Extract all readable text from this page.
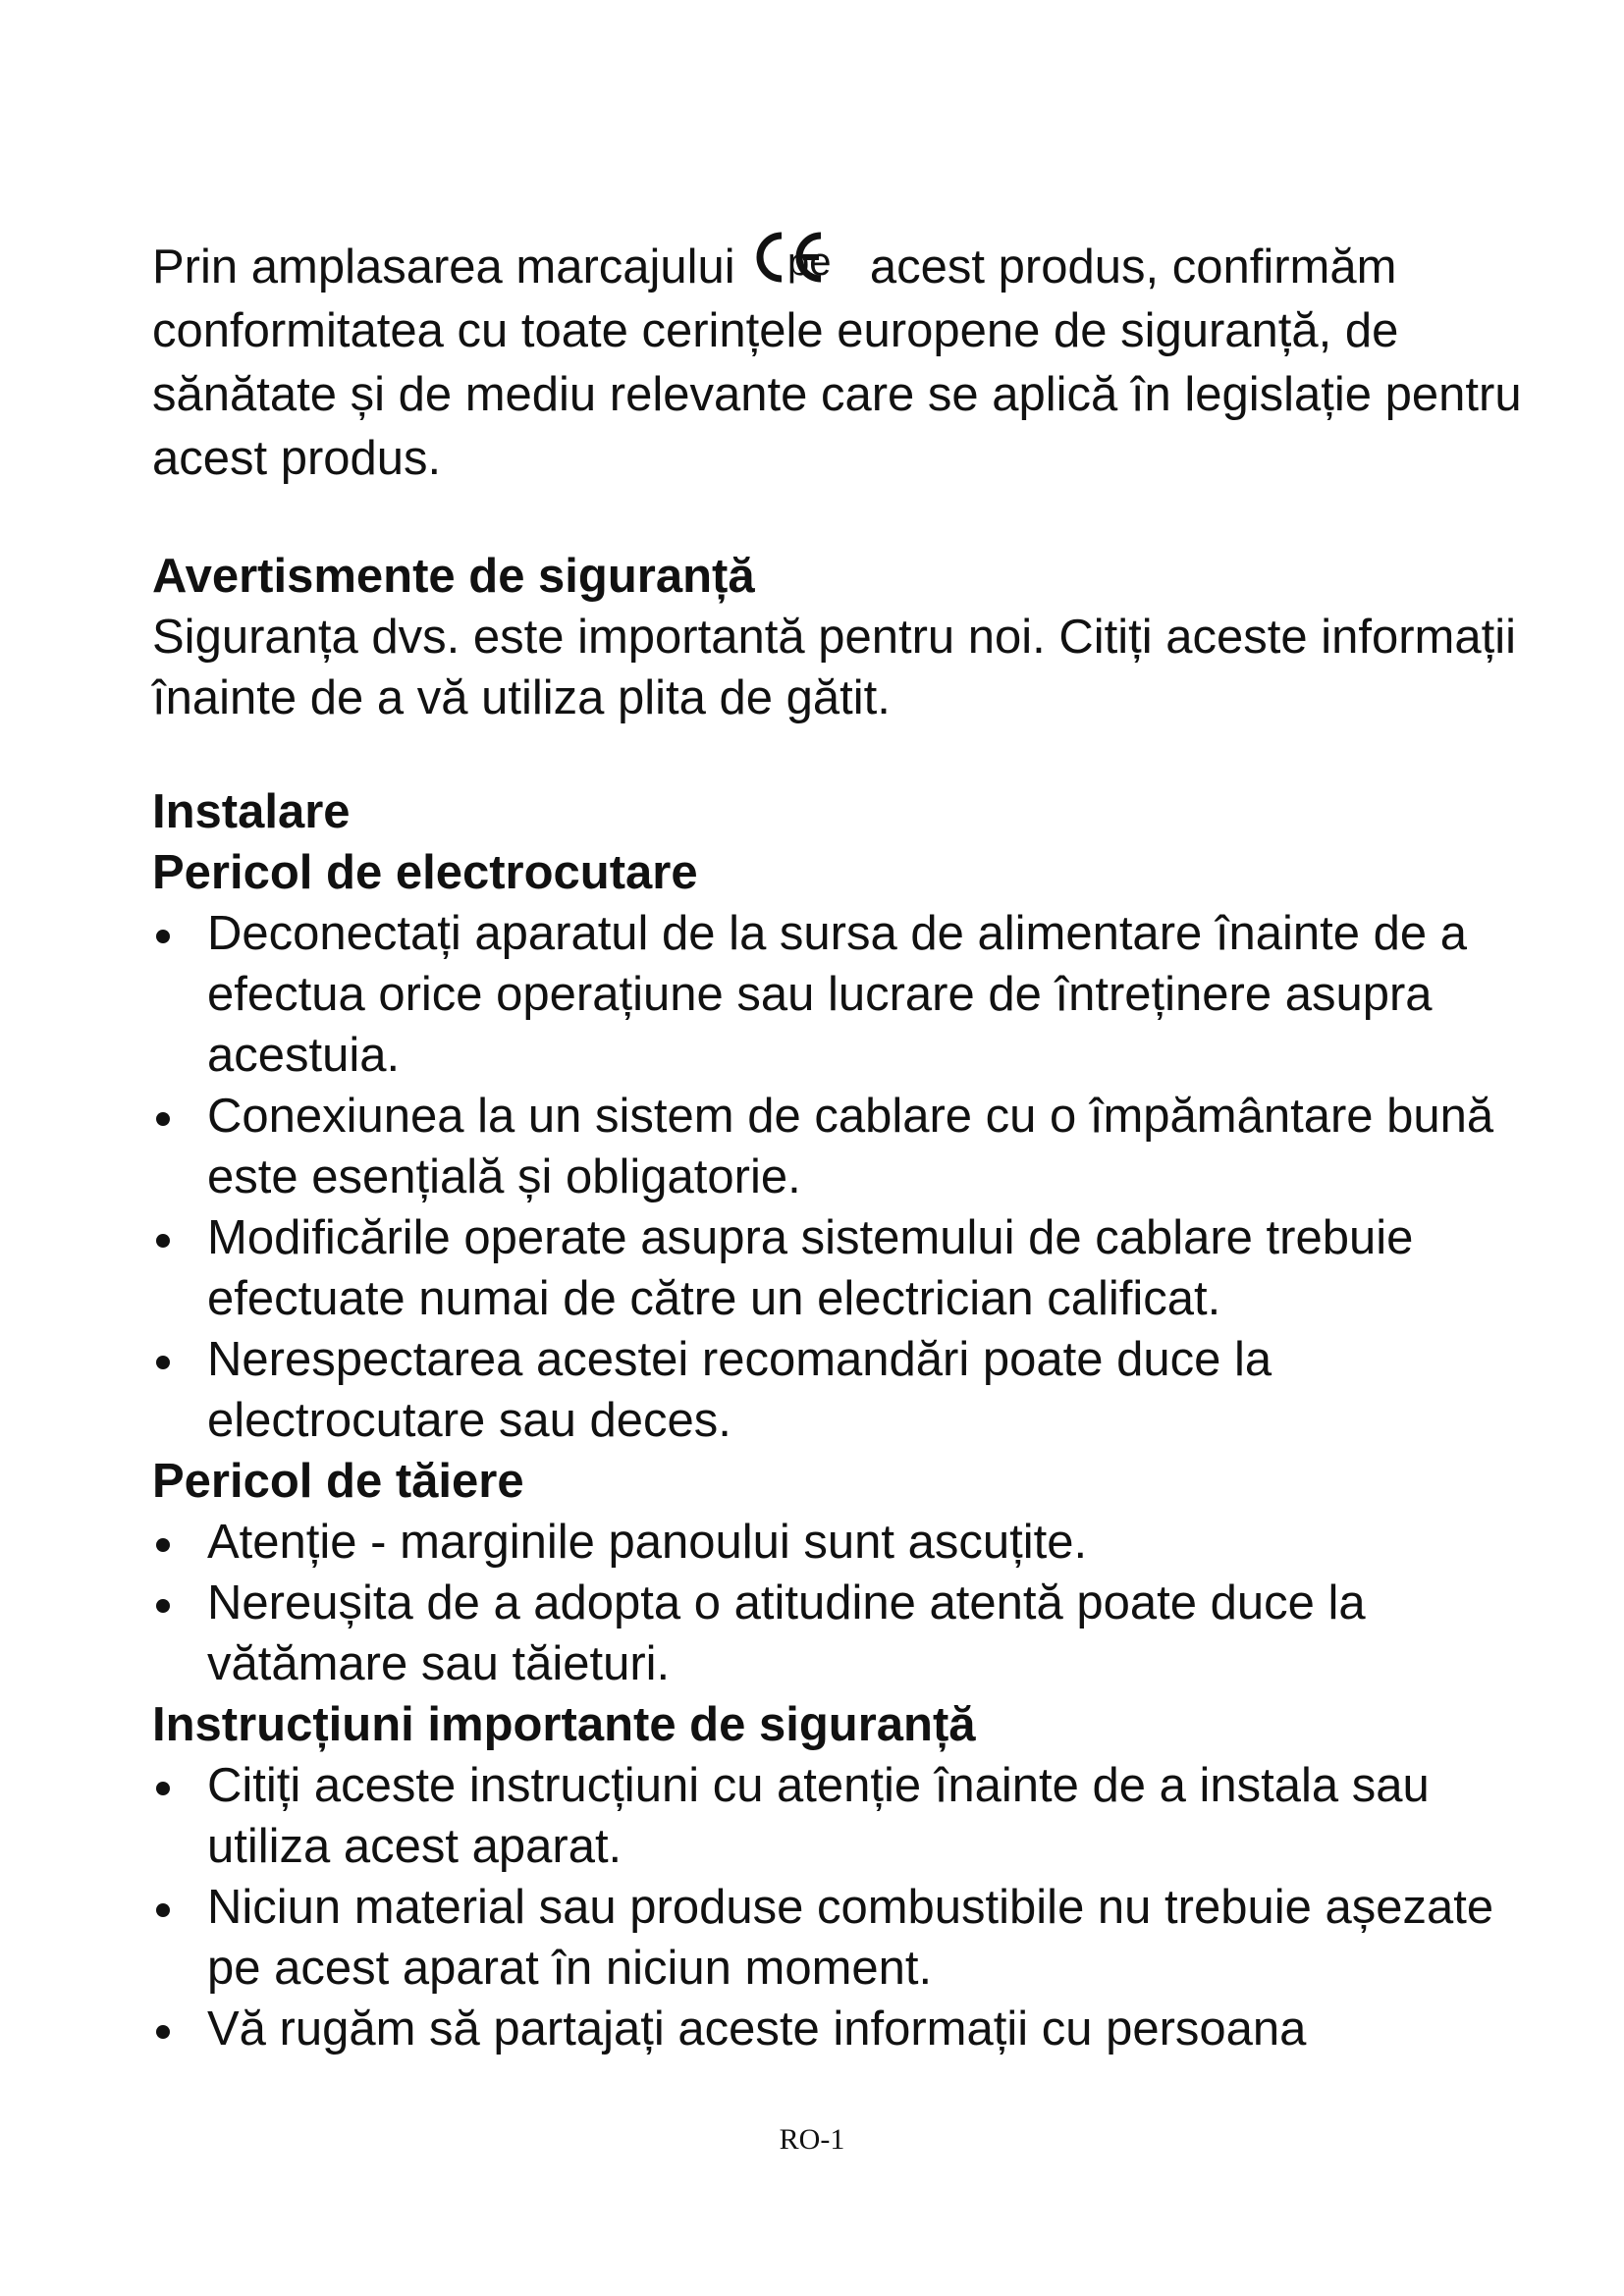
Prin amplasarea marcajului pe acest produs, confirmăm conformitatea cu toate cerințele europene de siguranță, de sănătate și de mediu relevante care se aplică în legislație pentru acest produs.

Avertismente de siguranță

Siguranța dvs. este importantă pentru noi. Citiți aceste informații înainte de a vă utiliza plita de gătit.

Instalare
Pericol de electrocutare
Deconectați aparatul de la sursa de alimentare înainte de a efectua orice operațiune sau lucrare de întreținere asupra acestuia.
Conexiunea la un sistem de cablare cu o împământare bună este esențială și obligatorie.
Modificările operate asupra sistemului de cablare trebuie efectuate numai de către un electrician calificat.
Nerespectarea acestei recomandări poate duce la electrocutare sau deces.
Pericol de tăiere
Atenție - marginile panoului sunt ascuțite.
Nereușita de a adopta o atitudine atentă poate duce la vătămare sau tăieturi.
Instrucțiuni importante de siguranță
Citiți aceste instrucțiuni cu atenție înainte de a instala sau utiliza acest aparat.
Niciun material sau produse combustibile nu trebuie așezate pe acest aparat în niciun moment.
Vă rugăm să partajați aceste informații cu persoana
RO-1
